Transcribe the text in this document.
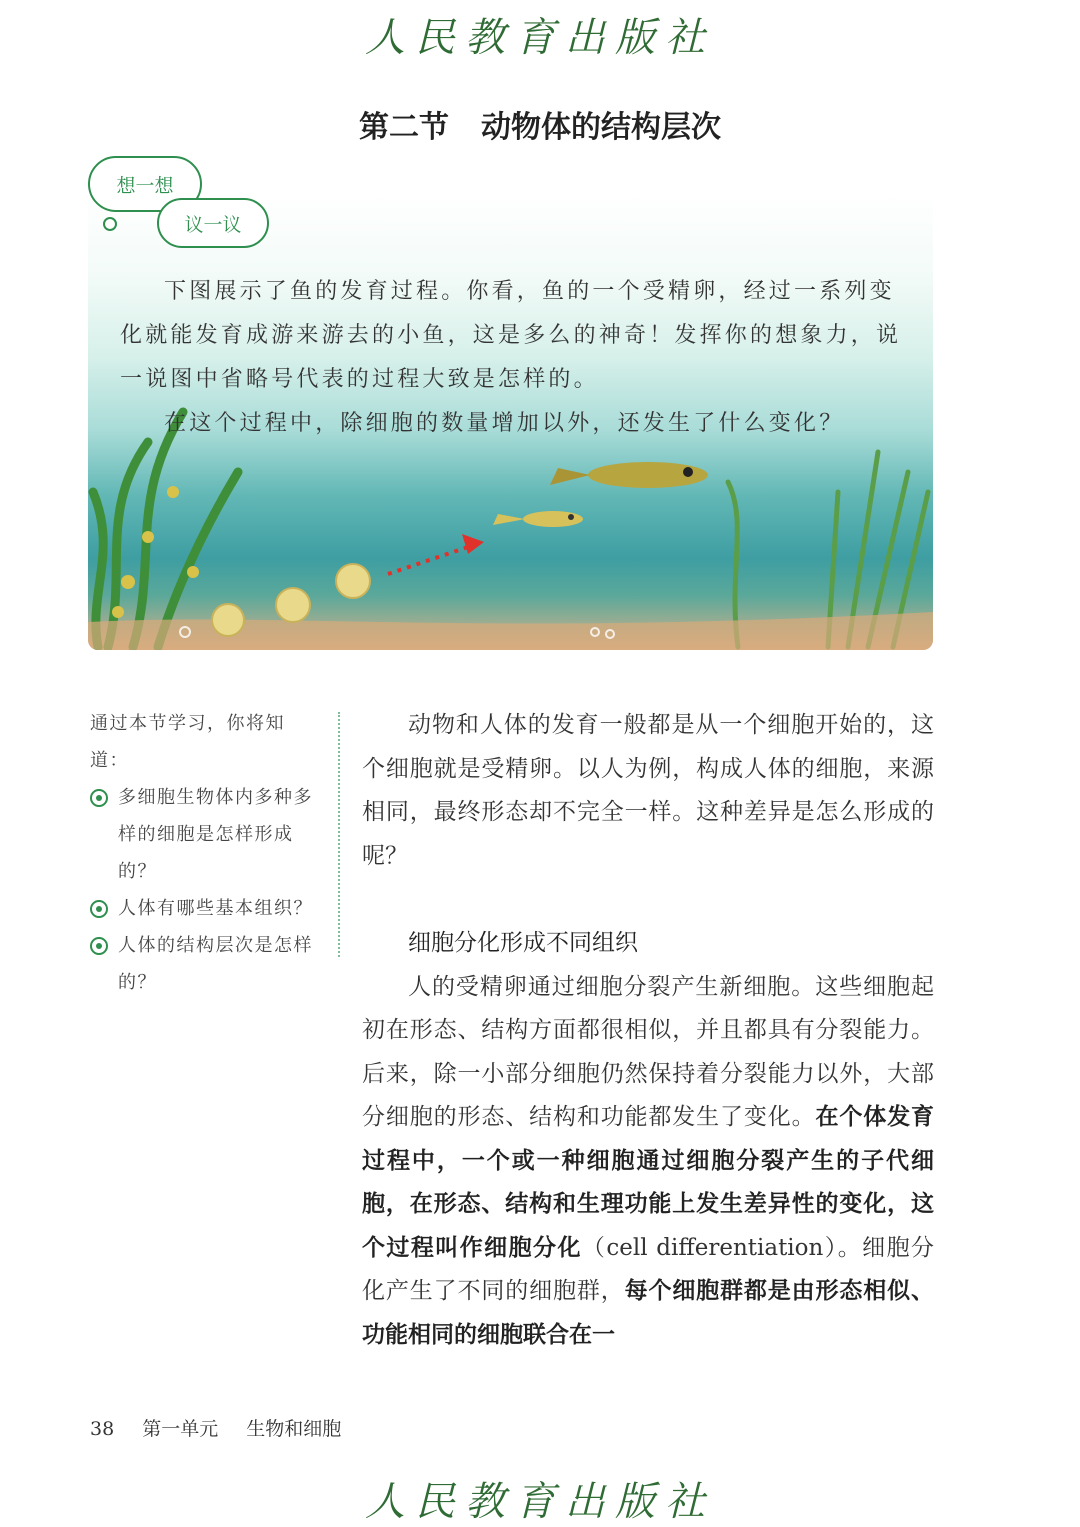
人民教育出版社
第二节 动物体的结构层次
想一想
议一议

下图展示了鱼的发育过程。你看，鱼的一个受精卵，经过一系列变化就能发育成游来游去的小鱼，这是多么的神奇！发挥你的想象力，说一说图中省略号代表的过程大致是怎样的。

在这个过程中，除细胞的数量增加以外，还发生了什么变化？

通过本节学习，你将知道：
多细胞生物体内多种多样的细胞是怎样形成的？
人体有哪些基本组织？
人体的结构层次是怎样的？

动物和人体的发育一般都是从一个细胞开始的，这个细胞就是受精卵。以人为例，构成人体的细胞，来源相同，最终形态却不完全一样。这种差异是怎么形成的呢？

细胞分化形成不同组织

人的受精卵通过细胞分裂产生新细胞。这些细胞起初在形态、结构方面都很相似，并且都具有分裂能力。后来，除一小部分细胞仍然保持着分裂能力以外，大部分细胞的形态、结构和功能都发生了变化。在个体发育过程中，一个或一种细胞通过细胞分裂产生的子代细胞，在形态、结构和生理功能上发生差异性的变化，这个过程叫作细胞分化（cell differentiation）。细胞分化产生了不同的细胞群，每个细胞群都是由形态相似、功能相同的细胞联合在一

38 第一单元 生物和细胞
人民教育出版社
